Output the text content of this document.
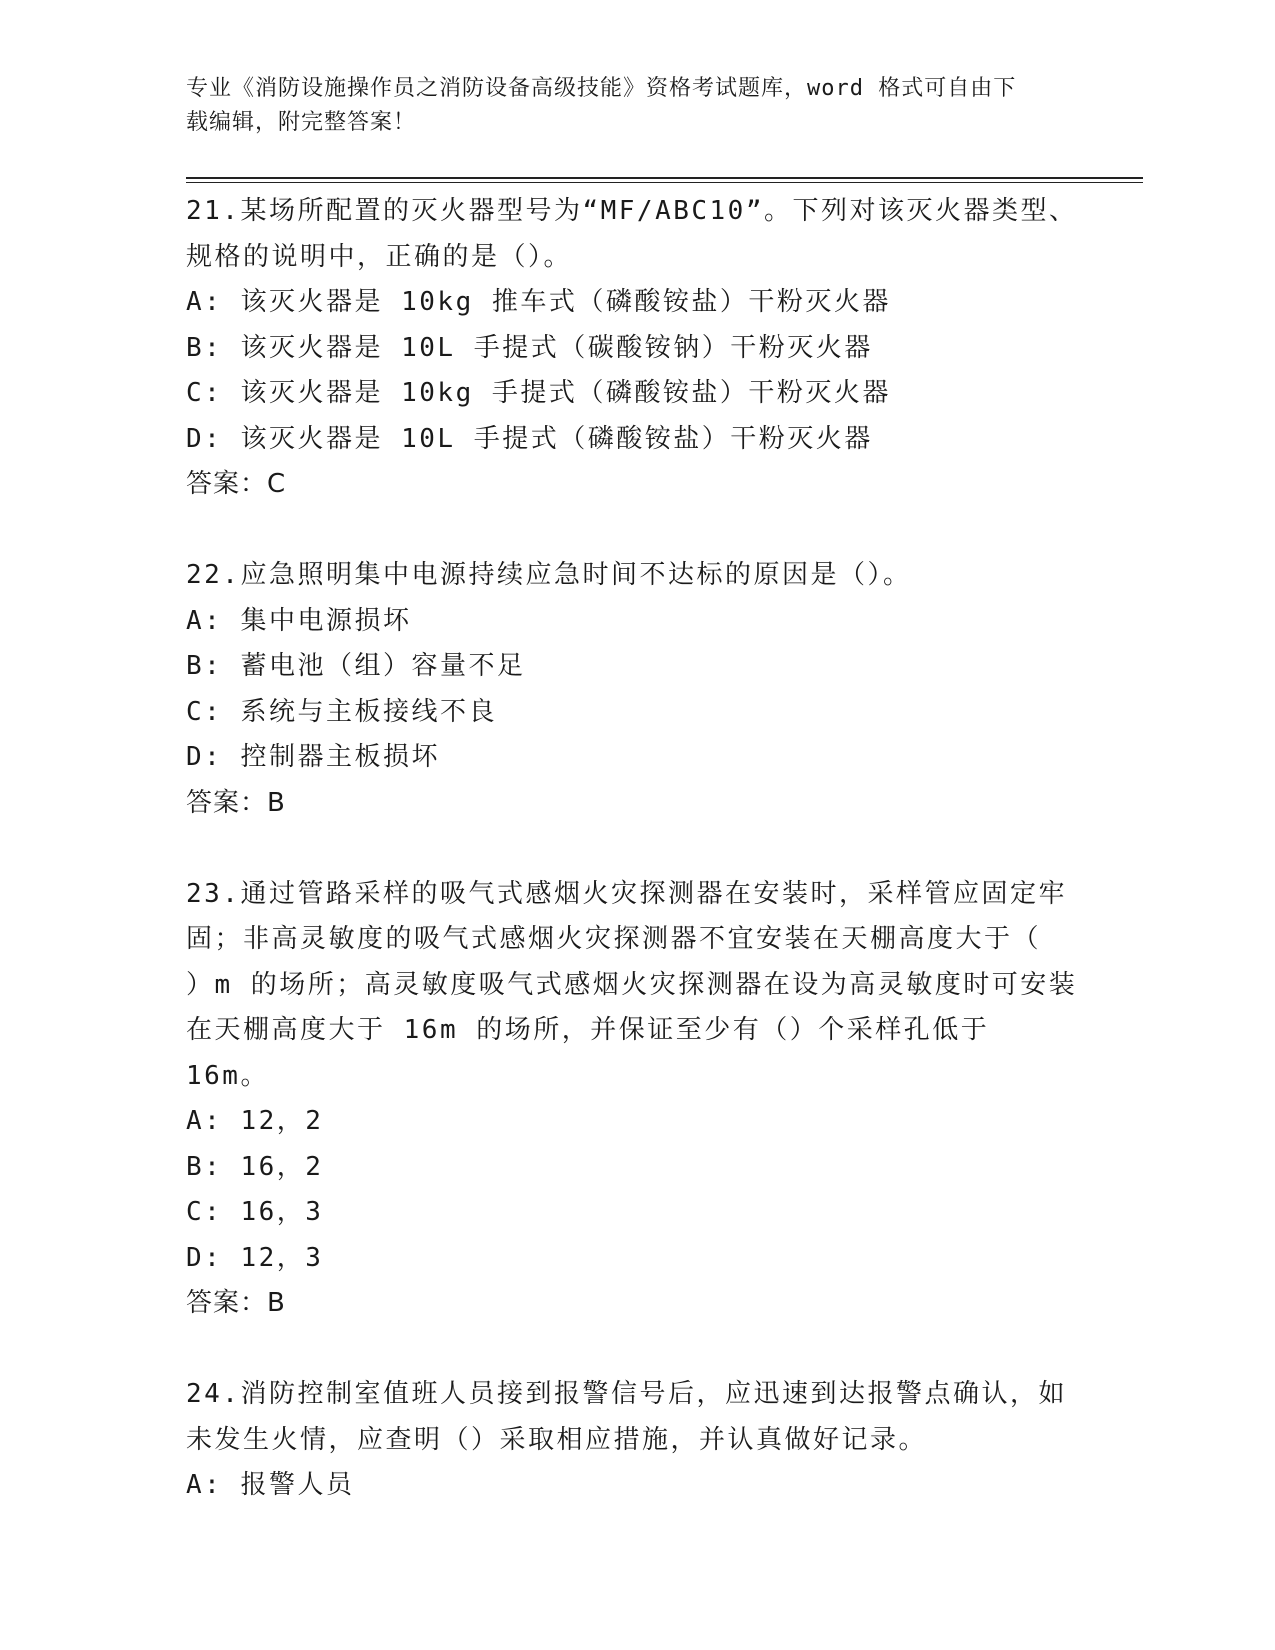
专业《消防设施操作员之消防设备高级技能》资格考试题库，word 格式可自由下
载编辑，附完整答案！

21.某场所配置的灭火器型号为“MF/ABC10”。下列对该灭火器类型、

规格的说明中，正确的是（）。

A: 该灭火器是 10kg 推车式（磷酸铵盐）干粉灭火器

B: 该灭火器是 10L 手提式（碳酸铵钠）干粉灭火器

C: 该灭火器是 10kg 手提式（磷酸铵盐）干粉灭火器

D: 该灭火器是 10L 手提式（磷酸铵盐）干粉灭火器

答案：C

22.应急照明集中电源持续应急时间不达标的原因是（）。

A: 集中电源损坏

B: 蓄电池（组）容量不足

C: 系统与主板接线不良

D: 控制器主板损坏

答案：B

23.通过管路采样的吸气式感烟火灾探测器在安装时，采样管应固定牢

固；非高灵敏度的吸气式感烟火灾探测器不宜安装在天棚高度大于（

）m 的场所；高灵敏度吸气式感烟火灾探测器在设为高灵敏度时可安装

在天棚高度大于 16m 的场所，并保证至少有（）个采样孔低于 16m。

A: 12，2

B: 16，2

C: 16，3

D: 12，3

答案：B

24.消防控制室值班人员接到报警信号后，应迅速到达报警点确认，如

未发生火情，应查明（）采取相应措施，并认真做好记录。

A: 报警人员
